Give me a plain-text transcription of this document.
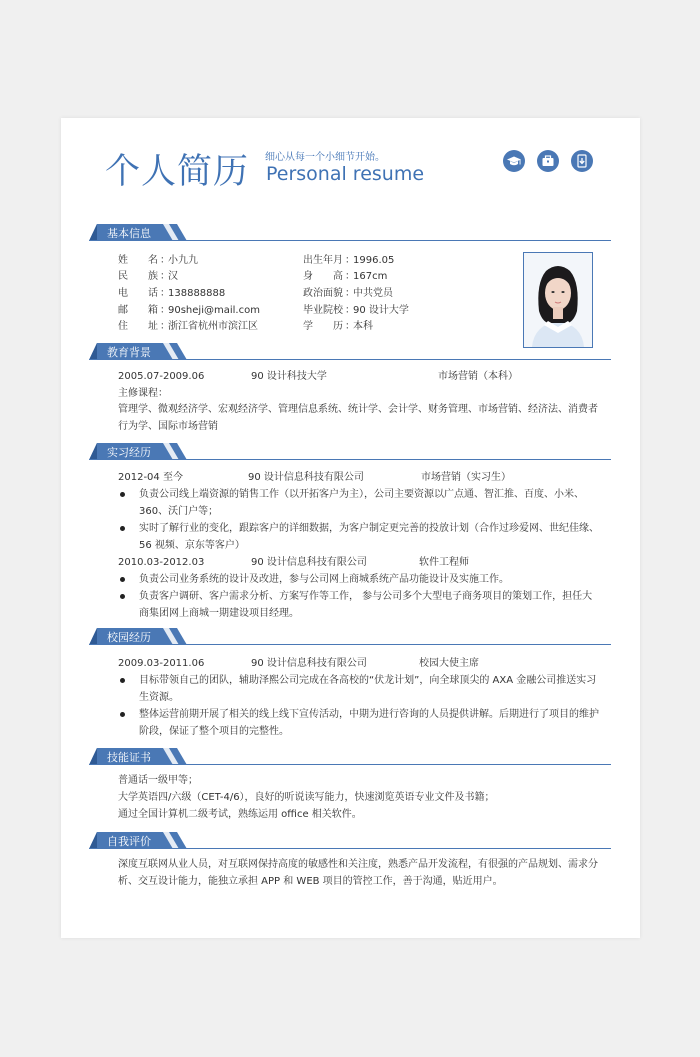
个人简历 细心从每一个小细节开始。
Personal resume
基本信息
姓 名 ：
小九九
民 族 ：
汉
电 话 ：
138888888
邮 箱 ：
90sheji@mail.com
住 址 ：
浙江省杭州市滨江区
出生年月 ：
1996.05
身　　高 ：
167cm
政治面貌 ：
中共党员
毕业院校 ：
90 设计大学
学　　历 ：
本科
教育背景
2005.07-2009.06	90 设计科技大学	市场营销（本科）
主修课程：
管理学、微观经济学、宏观经济学、管理信息系统、统计学、会计学、财务管理、市场营销、经济法、消费者行为学、国际市场营销
实习经历
2012-04 至今	90 设计信息科技有限公司	市场营销（实习生）
负责公司线上端资源的销售工作（以开拓客户为主），公司主要资源以广点通、智汇推、百度、小米、360、沃门户等；
实时了解行业的变化，跟踪客户的详细数据，为客户制定更完善的投放计划（合作过珍爱网、世纪佳缘、56 视频、京东等客户）
2010.03-2012.03	90 设计信息科技有限公司	软件工程师
负责公司业务系统的设计及改进，参与公司网上商城系统产品功能设计及实施工作。
负责客户调研、客户需求分析、方案写作等工作， 参与公司多个大型电子商务项目的策划工作，担任大商集团网上商城一期建设项目经理。
校园经历
2009.03-2011.06	90 设计信息科技有限公司	校园大使主席
目标带领自己的团队，辅助泽熙公司完成在各高校的“伏龙计划”，向全球顶尖的 AXA 金融公司推送实习生资源。
整体运营前期开展了相关的线上线下宣传活动，中期为进行咨询的人员提供讲解。后期进行了项目的维护阶段，保证了整个项目的完整性。
技能证书
普通话一级甲等；
大学英语四/六级（CET-4/6），良好的听说读写能力，快速浏览英语专业文件及书籍；
通过全国计算机二级考试，熟练运用 office 相关软件。
自我评价
深度互联网从业人员，对互联网保持高度的敏感性和关注度，熟悉产品开发流程，有很强的产品规划、需求分析、交互设计能力，能独立承担 APP 和 WEB 项目的管控工作，善于沟通，贴近用户。
